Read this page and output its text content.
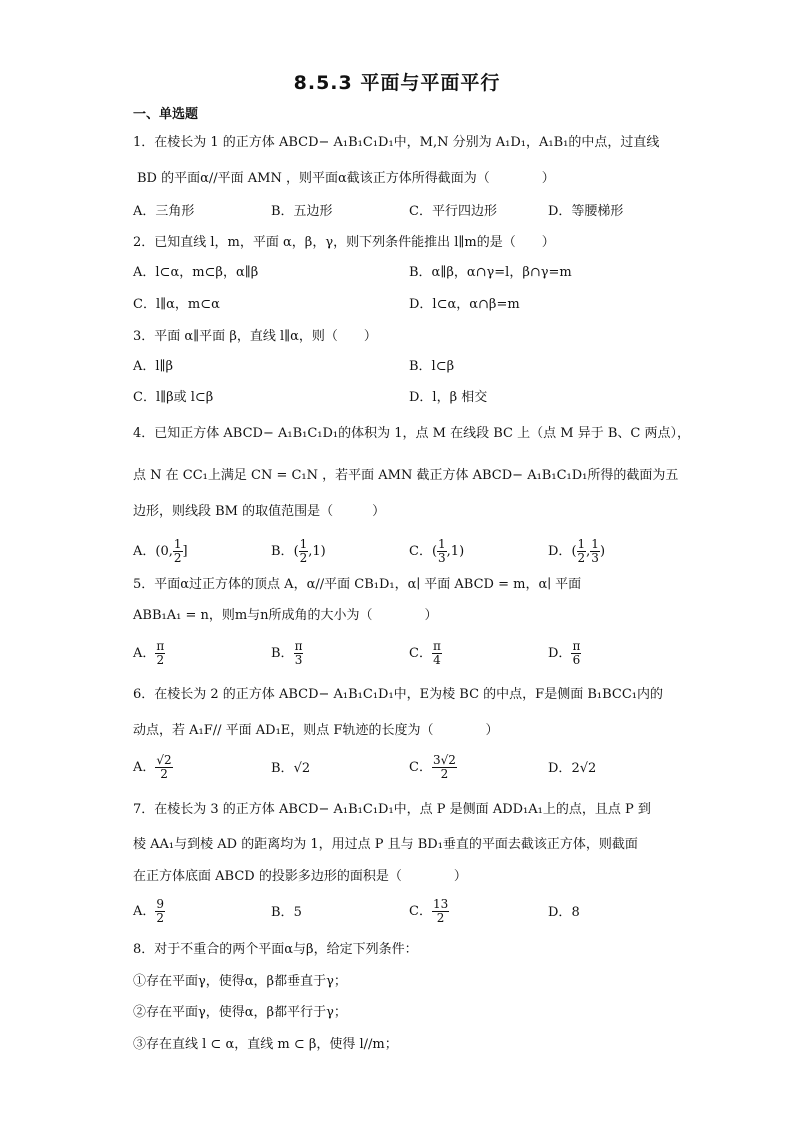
8.5.3 平面与平面平行
一、单选题
1．在棱长为 1 的正方体 ABCD− A₁B₁C₁D₁中，M,N 分别为 A₁D₁，A₁B₁的中点，过直线
BD 的平面α//平面 AMN ，则平面α截该正方体所得截面为（　　　　）
A．三角形	B．五边形	C．平行四边形	D．等腰梯形
2．已知直线 l，m，平面 α，β，γ，则下列条件能推出 l∥m的是（　　）
A．l⊂α，m⊂β，α∥β	B．α∥β，α∩γ=l，β∩γ=m
C．l∥α，m⊂α	D．l⊂α，α∩β=m
3．平面 α∥平面 β，直线 l∥α，则（　　）
A．l∥β	B．l⊂β
C．l∥β或 l⊂β	D．l，β 相交
4．已知正方体 ABCD− A₁B₁C₁D₁的体积为 1，点 M 在线段 BC 上（点 M 异于 B、C 两点），
点 N 在 CC₁上满足 CN = C₁N ，若平面 AMN 截正方体 ABCD− A₁B₁C₁D₁所得的截面为五
边形，则线段 BM 的取值范围是（　　　）
A．(0, $\frac{1}{2}$ ]	B．( $\frac{1}{2} ,1$)	C．( $\frac{1}{3} ,1$)	D．( $\frac{1}{2}$ , $\frac{1}{3}$ )
5．平面α过正方体的顶点 A，α//平面 CB₁D₁，α∣ 平面 ABCD = m，α∣ 平面
ABB₁A₁ = n，则m与n所成角的大小为（　　　　）
A． $\frac{\pi}{2}$	B． $\frac{\pi}{3}$	C． $\frac{\pi}{4}$	D． $\frac{\pi}{6}$
6．在棱长为 2 的正方体 ABCD− A₁B₁C₁D₁中，E为棱 BC 的中点，F是侧面 B₁BCC₁内的
动点，若 A₁F// 平面 AD₁E，则点 F轨迹的长度为（　　　　）
A． $\frac{√2}{2}$	B．√2	C． $\frac{3√2}{2}$	D．2√2
7．在棱长为 3 的正方体 ABCD− A₁B₁C₁D₁中，点 P 是侧面 ADD₁A₁上的点，且点 P 到
棱 AA₁与到棱 AD 的距离均为 1，用过点 P 且与 BD₁垂直的平面去截该正方体，则截面
在正方体底面 ABCD 的投影多边形的面积是（　　　　）
A． $\frac{9}{2}$	B．5	C． $\frac{13}{2}$	D．8
8．对于不重合的两个平面α与β，给定下列条件：
①存在平面γ，使得α，β都垂直于γ；
②存在平面γ，使得α，β都平行于γ；
③存在直线 l ⊂ α，直线 m ⊂ β，使得 l//m；
